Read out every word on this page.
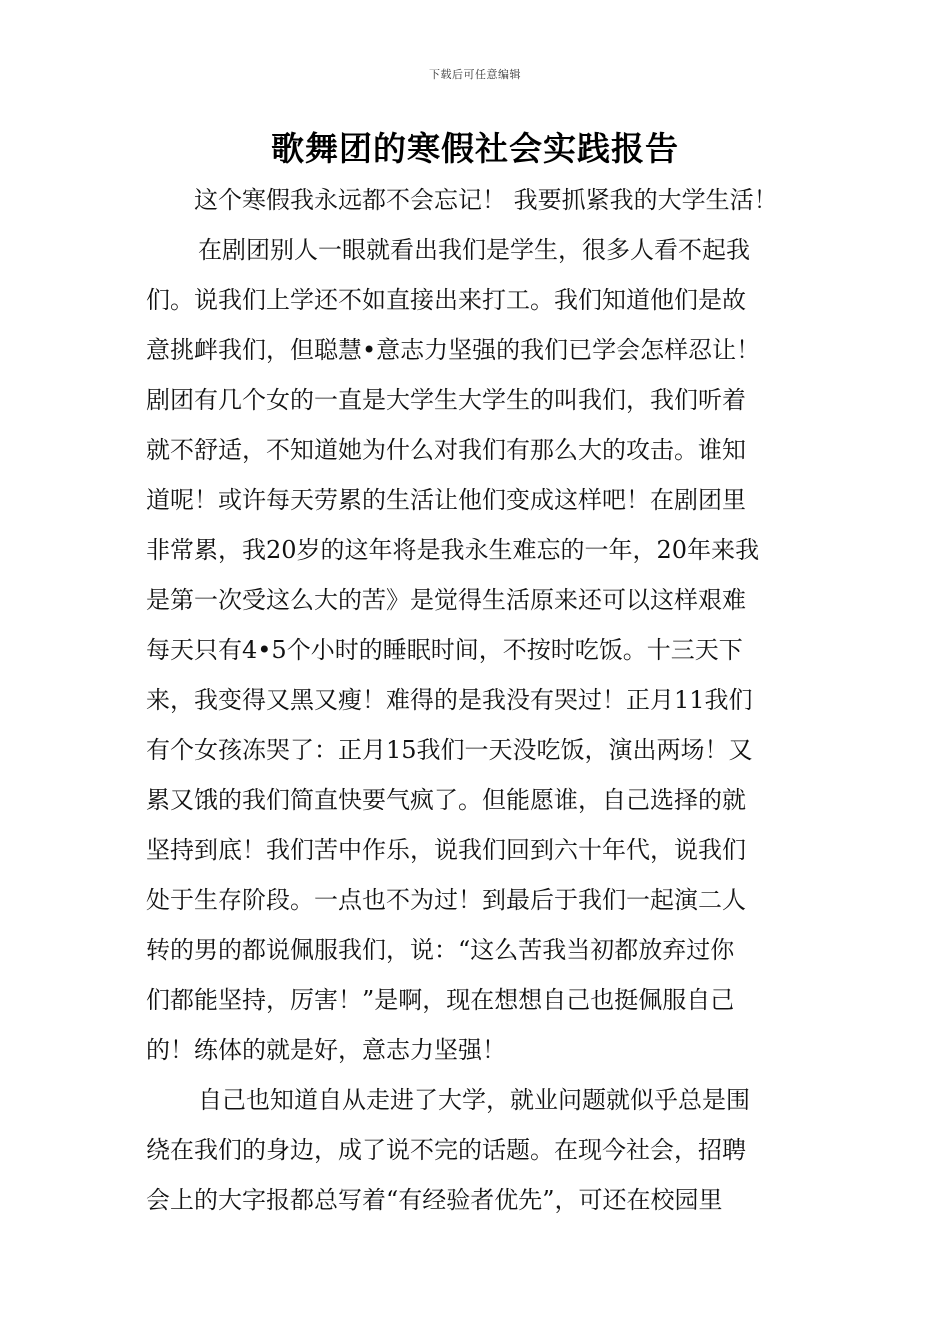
下载后可任意编辑
歌舞团的寒假社会实践报告
这个寒假我永远都不会忘记！ 我要抓紧我的大学生活！
在剧团别人一眼就看出我们是学生，很多人看不起我
们。说我们上学还不如直接出来打工。我们知道他们是故
意挑衅我们，但聪慧•意志力坚强的我们已学会怎样忍让！
剧团有几个女的一直是大学生大学生的叫我们，我们听着
就不舒适，不知道她为什么对我们有那么大的攻击。谁知
道呢！或许每天劳累的生活让他们变成这样吧！在剧团里
非常累，我20岁的这年将是我永生难忘的一年，20年来我
是第一次受这么大的苦》是觉得生活原来还可以这样艰难
每天只有4•5个小时的睡眠时间，不按时吃饭。十三天下
来，我变得又黑又瘦！难得的是我没有哭过！正月11我们
有个女孩冻哭了：正月15我们一天没吃饭，演出两场！又
累又饿的我们简直快要气疯了。但能愿谁，自己选择的就
坚持到底！我们苦中作乐，说我们回到六十年代，说我们
处于生存阶段。一点也不为过！到最后于我们一起演二人
转的男的都说佩服我们，说：“这么苦我当初都放弃过你
们都能坚持，厉害！”是啊，现在想想自己也挺佩服自己
的！练体的就是好，意志力坚强！
自己也知道自从走进了大学，就业问题就似乎总是围
绕在我们的身边，成了说不完的话题。在现今社会，招聘
会上的大字报都总写着“有经验者优先”，可还在校园里
